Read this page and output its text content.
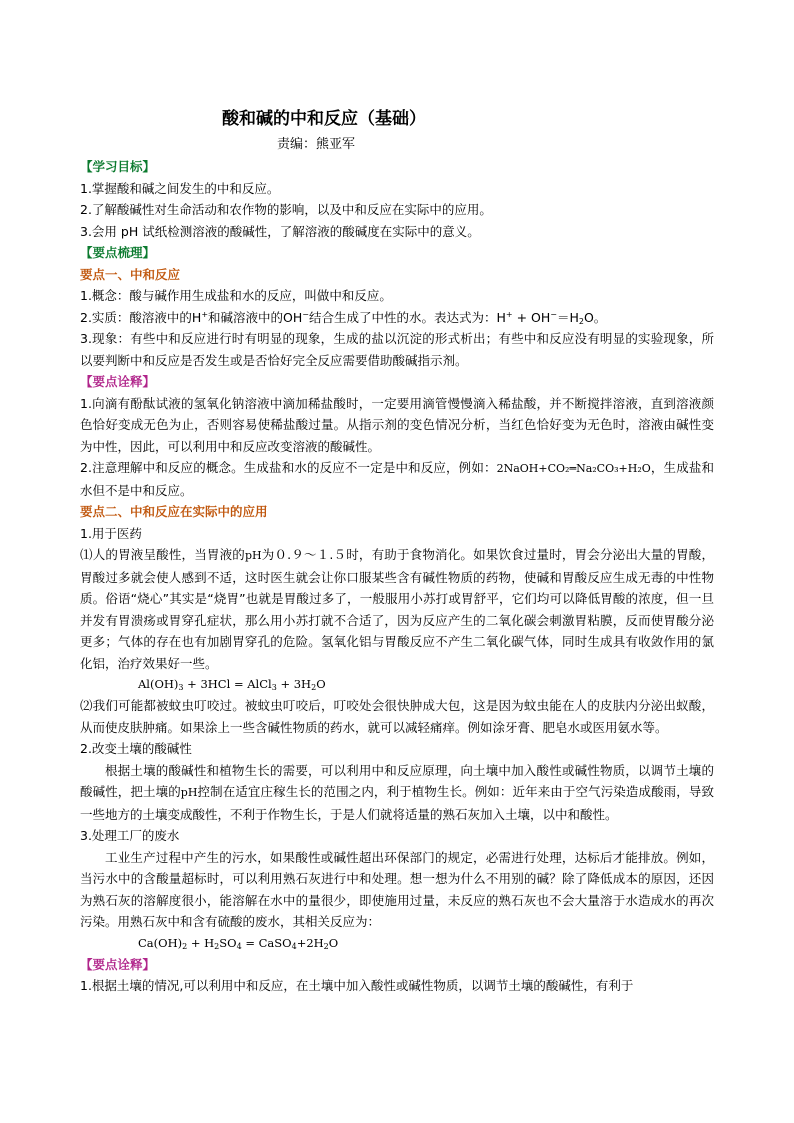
酸和碱的中和反应（基础）
责编：熊亚军
【学习目标】

1.掌握酸和碱之间发生的中和反应。

2.了解酸碱性对生命活动和农作物的影响，以及中和反应在实际中的应用。

3.会用 pH 试纸检测溶液的酸碱性，了解溶液的酸碱度在实际中的意义。

【要点梳理】
要点一、中和反应

1.概念：酸与碱作用生成盐和水的反应，叫做中和反应。

2.实质：酸溶液中的H+和碱溶液中的OH−结合生成了中性的水。表达式为：$H^+ + OH^-=H_2O$。

3.现象：有些中和反应进行时有明显的现象，生成的盐以沉淀的形式析出；有些中和反应没有明显的实验现象，所以要判断中和反应是否发生或是否恰好完全反应需要借助酸碱指示剂。

【要点诠释】

1.向滴有酚酞试液的氢氧化钠溶液中滴加稀盐酸时，一定要用滴管慢慢滴入稀盐酸，并不断搅拌溶液，直到溶液颜色恰好变成无色为止，否则容易使稀盐酸过量。从指示剂的变色情况分析，当红色恰好变为无色时，溶液由碱性变为中性，因此，可以利用中和反应改变溶液的酸碱性。

2.注意理解中和反应的概念。生成盐和水的反应不一定是中和反应，例如：2NaOH+CO₂═Na₂CO₃+H₂O，生成盐和水但不是中和反应。

要点二、中和反应在实际中的应用

1.用于医药

⑴人的胃液呈酸性，当胃液的pH为０.９～１.５时，有助于食物消化。如果饮食过量时，胃会分泌出大量的胃酸，胃酸过多就会使人感到不适，这时医生就会让你口服某些含有碱性物质的药物，使碱和胃酸反应生成无毒的中性物质。俗语“烧心”其实是“烧胃”也就是胃酸过多了，一般服用小苏打或胃舒平，它们均可以降低胃酸的浓度，但一旦并发有胃溃疡或胃穿孔症状，那么用小苏打就不合适了，因为反应产生的二氧化碳会刺激胃粘膜，反而使胃酸分泌更多；气体的存在也有加剧胃穿孔的危险。氢氧化铝与胃酸反应不产生二氧化碳气体，同时生成具有收敛作用的氯化铝，治疗效果好一些。

$Al(OH)_3 + 3HCl$ = AlCl$_3$ + $3H_2O$

⑵我们可能都被蚊虫叮咬过。被蚊虫叮咬后，叮咬处会很快肿成大包，这是因为蚊虫能在人的皮肤内分泌出蚁酸，从而使皮肤肿痛。如果涂上一些含碱性物质的药水，就可以减轻痛痒。例如涂牙膏、肥皂水或医用氨水等。

2.改变土壤的酸碱性

根据土壤的酸碱性和植物生长的需要，可以利用中和反应原理，向土壤中加入酸性或碱性物质，以调节土壤的酸碱性，把土壤的pH控制在适宜庄稼生长的范围之内，利于植物生长。例如：近年来由于空气污染造成酸雨，导致一些地方的土壤变成酸性，不利于作物生长，于是人们就将适量的熟石灰加入土壤，以中和酸性。

3.处理工厂的废水

工业生产过程中产生的污水，如果酸性或碱性超出环保部门的规定，必需进行处理，达标后才能排放。例如，当污水中的含酸量超标时，可以利用熟石灰进行中和处理。想一想为什么不用别的碱？除了降低成本的原因，还因为熟石灰的溶解度很小，能溶解在水中的量很少，即使施用过量，未反应的熟石灰也不会大量溶于水造成水的再次污染。用熟石灰中和含有硫酸的废水，其相关反应为：

$Ca(OH)_2 + H_2SO_4$ = $CaSO_4+2H_2O$

【要点诠释】

1.根据土壤的情况,可以利用中和反应，在土壤中加入酸性或碱性物质，以调节土壤的酸碱性，有利于
